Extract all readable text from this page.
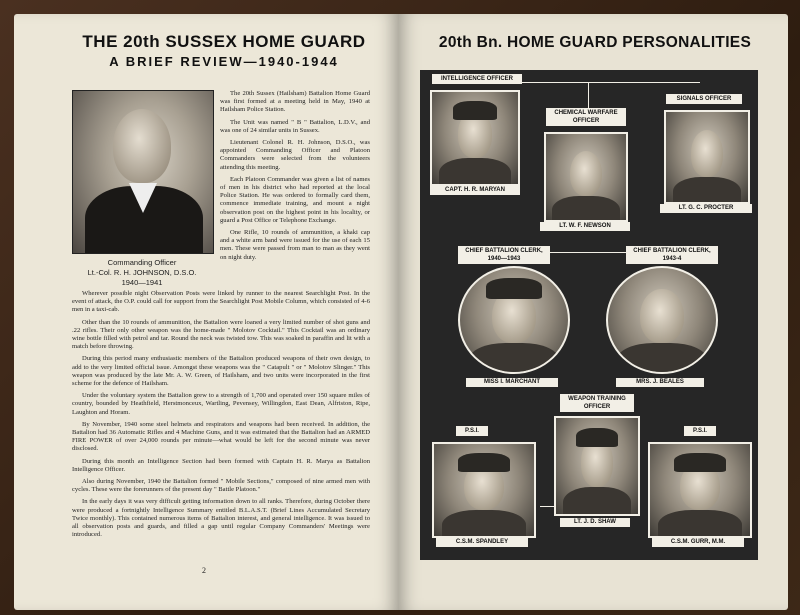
THE 20th SUSSEX HOME GUARD
A BRIEF REVIEW—1940-1944
Commanding Officer
Lt.-Col. R. H. JOHNSON, D.S.O.
1940—1941

The 20th Sussex (Hailsham) Battalion Home Guard was first formed at a meeting held in May, 1940 at Hailsham Police Station.

The Unit was named " B " Battalion, L.D.V., and was one of 24 similar units in Sussex.

Lieutenant Colonel R. H. Johnson, D.S.O., was appointed Commanding Officer and Platoon Commanders were selected from the volunteers attending this meeting.

Each Platoon Commander was given a list of names of men in his district who had reported at the local Police Station. He was ordered to formally card them, commence immediate training, and mount a night observation post on the highest point in his locality, or guard a Post Office or Telephone Exchange.

One Rifle, 10 rounds of ammunition, a khaki cap and a white arm band were issued for the use of each 15 men. These were passed from man to man as they went on night duty.

Wherever possible night Observation Posts were linked by runner to the nearest Searchlight Post. In the event of attack, the O.P. could call for support from the Searchlight Post Mobile Column, which consisted of 4-6 men in a taxi-cab.

Other than the 10 rounds of ammunition, the Battalion were loaned a very limited number of shot guns and .22 rifles. Their only other weapon was the home-made " Molotov Cocktail." This Cocktail was an ordinary wine bottle filled with petrol and tar. Round the neck was twisted tow. This was soaked in paraffin and lit with a match before throwing.

During this period many enthusiastic members of the Battalion produced weapons of their own design, to add to the very limited official issue. Amongst these weapons was the " Catapult " or " Molotov Slinger." This weapon was produced by the late Mr. A. W. Green, of Hailsham, and two units were incorporated in the first scheme for the defence of Hailsham.

Under the voluntary system the Battalion grew to a strength of 1,700 and operated over 150 square miles of country, bounded by Heathfield, Herstmonceux, Wartling, Pevensey, Willingdon, East Dean, Alfriston, Ripe, Laughton and Horam.

By November, 1940 some steel helmets and respirators and weapons had been received. In addition, the Battalion had 36 Automatic Rifles and 4 Machine Guns, and it was estimated that the Battalion had an ARMED FIRE POWER of over 24,000 rounds per minute—what would be left for the second minute was never disclosed.

During this month an Intelligence Section had been formed with Captain H. R. Marya as Battalion Intelligence Officer.

Also during November, 1940 the Battalion formed " Mobile Sections," composed of nine armed men with cycles. These were the forerunners of the present day " Battle Platoon."

In the early days it was very difficult getting information down to all ranks. Therefore, during October there were produced a fortnightly Intelligence Summary entitled B.L.A.S.T. (Brief Lines Accumulated Secretary Twice monthly). This contained numerous items of Battalion interest, and general intelligence. It was issued to all observation posts and guards, and filled a gap until regular Company Commanders' Meetings were introduced.

2
20th Bn. HOME GUARD PERSONALITIES
INTELLIGENCE OFFICER
CAPT. H. R. MARYAN
CHEMICAL WARFARE OFFICER
LT. W. F. NEWSON
SIGNALS OFFICER
LT. G. C. PROCTER
CHIEF BATTALION CLERK, 1940—1943
MISS I. MARCHANT
CHIEF BATTALION CLERK, 1943-4
MRS. J. BEALES
WEAPON TRAINING OFFICER
LT. J. D. SHAW
P.S.I.
C.S.M. SPANDLEY
P.S.I.
C.S.M. GURR, M.M.
